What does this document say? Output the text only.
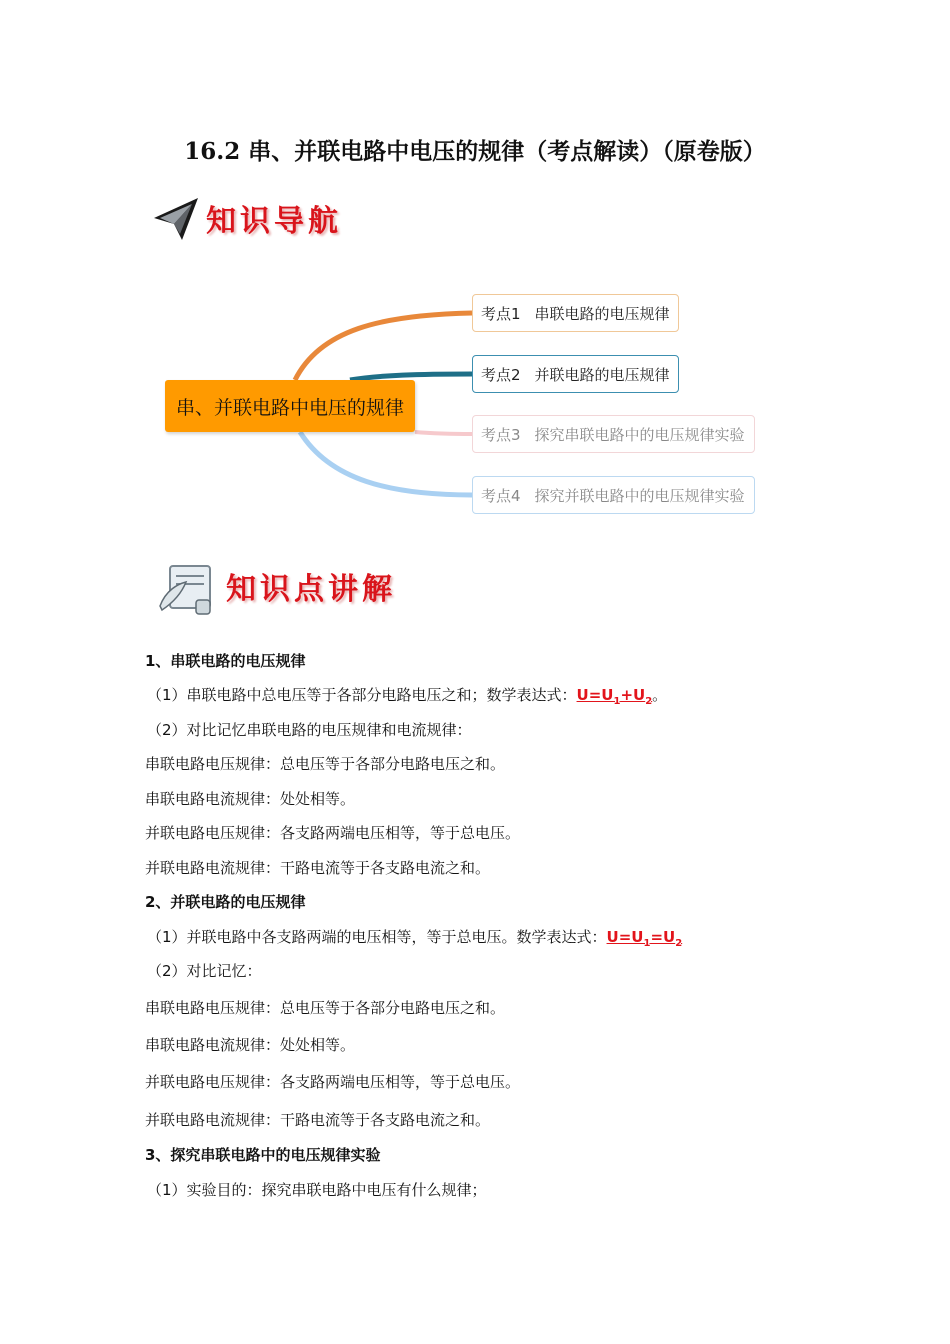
16.2 串、并联电路中电压的规律（考点解读）（原卷版）
知识导航
串、并联电路中电压的规律
考点1 串联电路的电压规律
考点2 并联电路的电压规律
考点3 探究串联电路中的电压规律实验
考点4 探究并联电路中的电压规律实验
知识点讲解
1、串联电路的电压规律
（1）串联电路中总电压等于各部分电路电压之和；数学表达式：$U=U_1+U_2$。
（2）对比记忆串联电路的电压规律和电流规律：
串联电路电压规律：总电压等于各部分电路电压之和。
串联电路电流规律：处处相等。
并联电路电压规律：各支路两端电压相等，等于总电压。
并联电路电流规律：干路电流等于各支路电流之和。
2、并联电路的电压规律
（1）并联电路中各支路两端的电压相等，等于总电压。数学表达式：$U=U_1=U_2$
（2）对比记忆：
串联电路电压规律：总电压等于各部分电路电压之和。
串联电路电流规律：处处相等。
并联电路电压规律：各支路两端电压相等，等于总电压。
并联电路电流规律：干路电流等于各支路电流之和。
3、探究串联电路中的电压规律实验
（1）实验目的：探究串联电路中电压有什么规律；
